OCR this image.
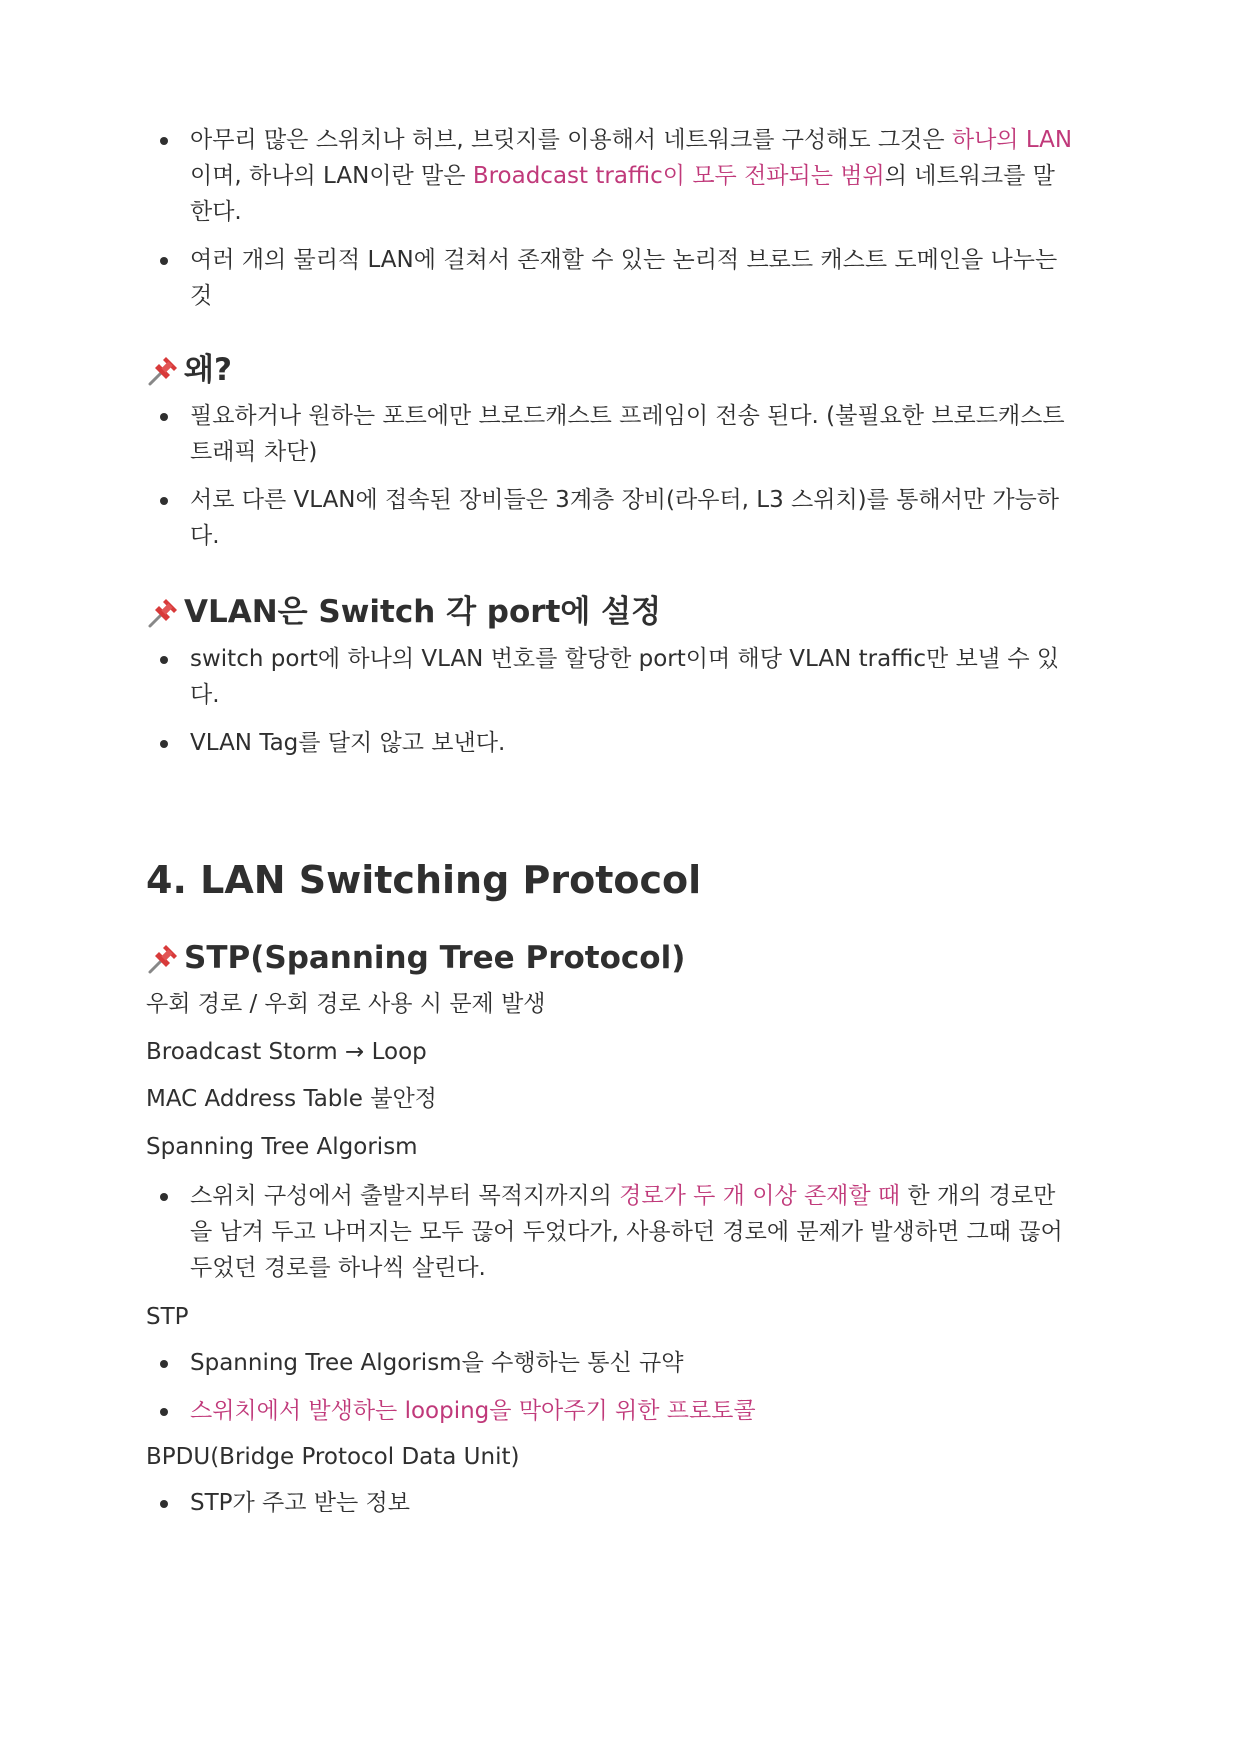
아무리 많은 스위치나 허브, 브릿지를 이용해서 네트워크를 구성해도 그것은 하나의 LAN이며, 하나의 LAN이란 말은 Broadcast traffic이 모두 전파되는 범위의 네트워크를 말한다.
여러 개의 물리적 LAN에 걸쳐서 존재할 수 있는 논리적 브로드 캐스트 도메인을 나누는 것
왜?
필요하거나 원하는 포트에만 브로드캐스트 프레임이 전송 된다. (불필요한 브로드캐스트 트래픽 차단)
서로 다른 VLAN에 접속된 장비들은 3계층 장비(라우터, L3 스위치)를 통해서만 가능하다.
VLAN은 Switch 각 port에 설정
switch port에 하나의 VLAN 번호를 할당한 port이며 해당 VLAN traffic만 보낼 수 있다.
VLAN Tag를 달지 않고 보낸다.
4. LAN Switching Protocol
STP(Spanning Tree Protocol)
우회 경로 / 우회 경로 사용 시 문제 발생
Broadcast Storm → Loop
MAC Address Table 불안정
Spanning Tree Algorism
스위치 구성에서 출발지부터 목적지까지의 경로가 두 개 이상 존재할 때 한 개의 경로만을 남겨 두고 나머지는 모두 끊어 두었다가, 사용하던 경로에 문제가 발생하면 그때 끊어 두었던 경로를 하나씩 살린다.
STP
Spanning Tree Algorism을 수행하는 통신 규약
스위치에서 발생하는 looping을 막아주기 위한 프로토콜
BPDU(Bridge Protocol Data Unit)
STP가 주고 받는 정보
